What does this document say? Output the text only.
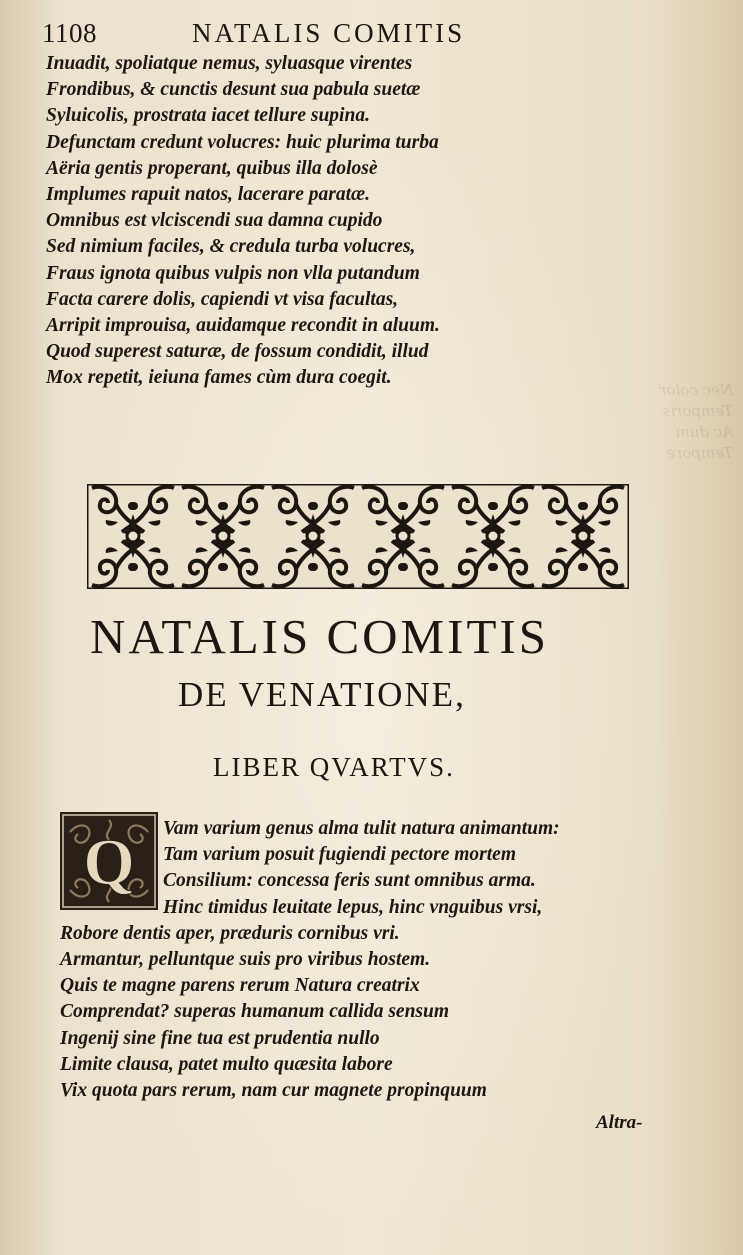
Nec color
Temporis
Ac dum
Tempore
1108	NATALIS COMITIS
Inuadit, spoliatque nemus, syluasque virentes
Frondibus, & cunctis desunt sua pabula suetæ
Syluicolis, prostrata iacet tellure supina.
Defunctam credunt volucres: huic plurima turba
Aëria gentis properant, quibus illa dolosè
Implumes rapuit natos, lacerare paratæ.
Omnibus est vlciscendi sua damna cupido
Sed nimium faciles, & credula turba volucres,
Fraus ignota quibus vulpis non vlla putandum
Facta carere dolis, capiendi vt visa facultas,
Arripit improuisa, auidamque recondit in aluum.
Quod superest saturæ, de fossum condidit, illud
Mox repetit, ieiuna fames cùm dura coegit.
NATALIS COMITIS
DE VENATIONE,
LIBER QVARTVS.
Q	Vam varium genus alma tulit natura animantum:
Tam varium posuit fugiendi pectore mortem
Consilium: concessa feris sunt omnibus arma.
Hinc timidus leuitate lepus, hinc vnguibus vrsi,
Robore dentis aper, præduris cornibus vri.
Armantur, pelluntque suis pro viribus hostem.
Quis te magne parens rerum Natura creatrix
Comprendat? superas humanum callida sensum
Ingenij sine fine tua est prudentia nullo
Limite clausa, patet multo quæsita labore
Vix quota pars rerum, nam cur magnete propinquum
Altra-
